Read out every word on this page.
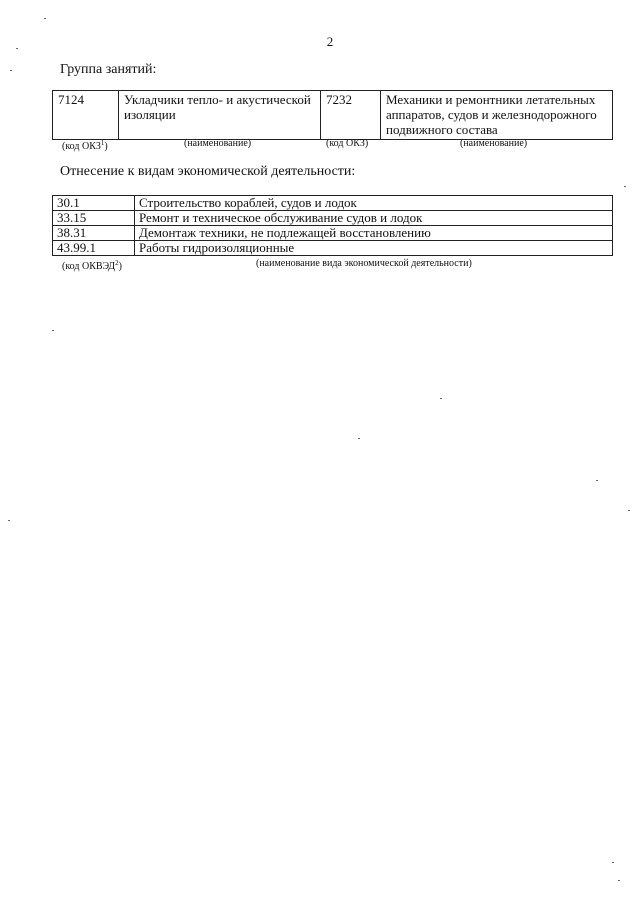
2
Группа занятий:
7124	Укладчики тепло- и акустической изоляции	7232	Механики и ремонтники летательных аппаратов, судов и железнодорожного подвижного состава
(код ОКЗ$^1$)	(наименование)	(код ОКЗ)	(наименование)
Отнесение к видам экономической деятельности:
30.1	Строительство кораблей, судов и лодок
33.15	Ремонт и техническое обслуживание судов и лодок
38.31	Демонтаж техники, не подлежащей восстановлению
43.99.1	Работы гидроизоляционные
(код ОКВЭД$^2$)	(наименование вида экономической деятельности)
